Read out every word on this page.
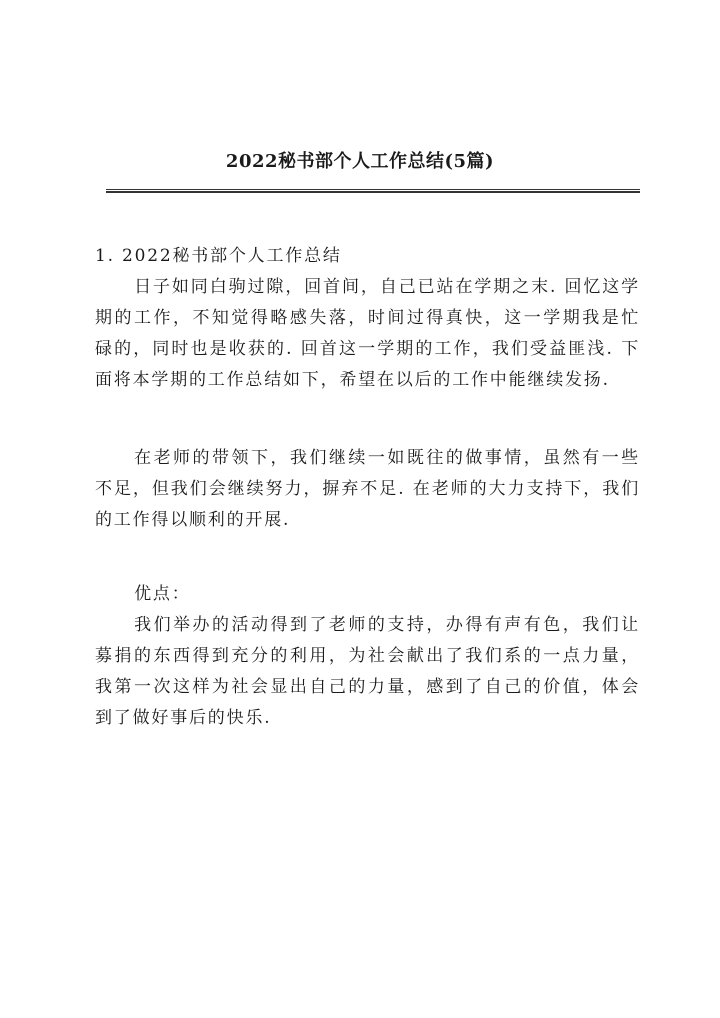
2022秘书部个人工作总结(5篇)

1. 2022秘书部个人工作总结

日子如同白驹过隙，回首间，自己已站在学期之末. 回忆这学期的工作，不知觉得略感失落，时间过得真快，这一学期我是忙碌的，同时也是收获的. 回首这一学期的工作，我们受益匪浅. 下面将本学期的工作总结如下，希望在以后的工作中能继续发扬.

在老师的带领下，我们继续一如既往的做事情，虽然有一些不足，但我们会继续努力，摒弃不足. 在老师的大力支持下，我们的工作得以顺利的开展.

优点：

我们举办的活动得到了老师的支持，办得有声有色，我们让募捐的东西得到充分的利用，为社会献出了我们系的一点力量，我第一次这样为社会显出自己的力量，感到了自己的价值，体会到了做好事后的快乐.
